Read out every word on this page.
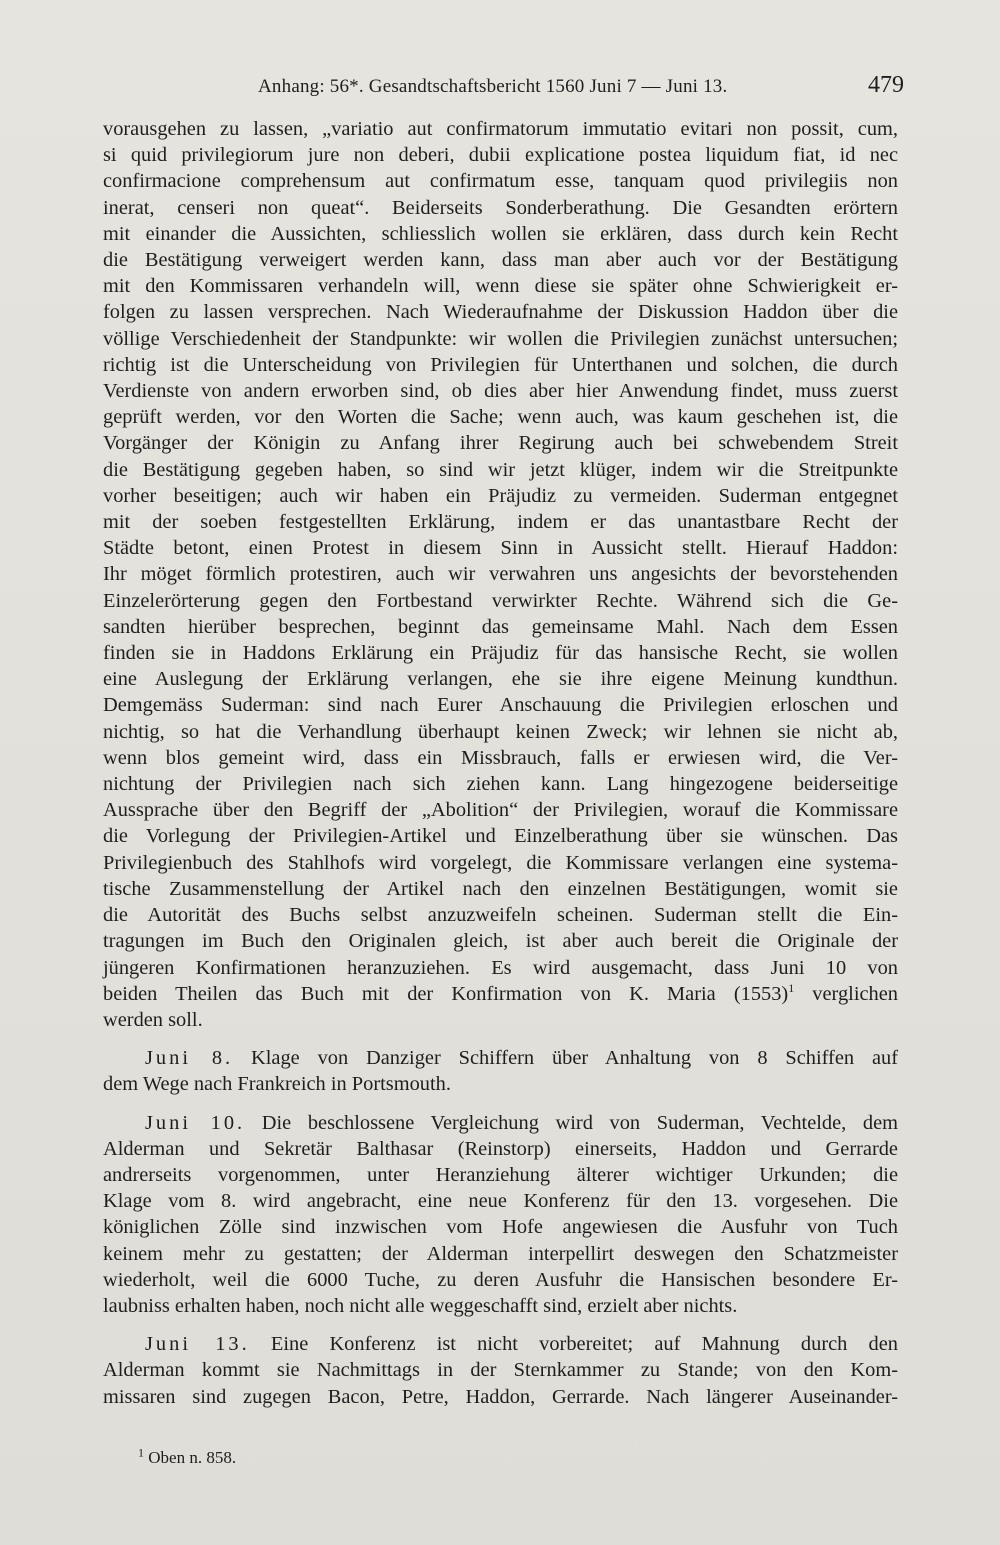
Anhang: 56*. Gesandtschaftsbericht 1560 Juni 7 — Juni 13.	479

vorausgehen zu lassen, „variatio aut confirmatorum immutatio evitari non possit, cum,

si quid privilegiorum jure non deberi, dubii explicatione postea liquidum fiat, id nec

confirmacione comprehensum aut confirmatum esse, tanquam quod privilegiis non

inerat, censeri non queat“. Beiderseits Sonderberathung. Die Gesandten erörtern

mit einander die Aussichten, schliesslich wollen sie erklären, dass durch kein Recht

die Bestätigung verweigert werden kann, dass man aber auch vor der Bestätigung

mit den Kommissaren verhandeln will, wenn diese sie später ohne Schwierigkeit er-

folgen zu lassen versprechen. Nach Wiederaufnahme der Diskussion Haddon über die

völlige Verschiedenheit der Standpunkte: wir wollen die Privilegien zunächst untersuchen;

richtig ist die Unterscheidung von Privilegien für Unterthanen und solchen, die durch

Verdienste von andern erworben sind, ob dies aber hier Anwendung findet, muss zuerst

geprüft werden, vor den Worten die Sache; wenn auch, was kaum geschehen ist, die

Vorgänger der Königin zu Anfang ihrer Regirung auch bei schwebendem Streit

die Bestätigung gegeben haben, so sind wir jetzt klüger, indem wir die Streitpunkte

vorher beseitigen; auch wir haben ein Präjudiz zu vermeiden. Suderman entgegnet

mit der soeben festgestellten Erklärung, indem er das unantastbare Recht der

Städte betont, einen Protest in diesem Sinn in Aussicht stellt. Hierauf Haddon:

Ihr möget förmlich protestiren, auch wir verwahren uns angesichts der bevorstehenden

Einzelerörterung gegen den Fortbestand verwirkter Rechte. Während sich die Ge-

sandten hierüber besprechen, beginnt das gemeinsame Mahl. Nach dem Essen

finden sie in Haddons Erklärung ein Präjudiz für das hansische Recht, sie wollen

eine Auslegung der Erklärung verlangen, ehe sie ihre eigene Meinung kundthun.

Demgemäss Suderman: sind nach Eurer Anschauung die Privilegien erloschen und

nichtig, so hat die Verhandlung überhaupt keinen Zweck; wir lehnen sie nicht ab,

wenn blos gemeint wird, dass ein Missbrauch, falls er erwiesen wird, die Ver-

nichtung der Privilegien nach sich ziehen kann. Lang hingezogene beiderseitige

Aussprache über den Begriff der „Abolition“ der Privilegien, worauf die Kommissare

die Vorlegung der Privilegien-Artikel und Einzelberathung über sie wünschen. Das

Privilegienbuch des Stahlhofs wird vorgelegt, die Kommissare verlangen eine systema-

tische Zusammenstellung der Artikel nach den einzelnen Bestätigungen, womit sie

die Autorität des Buchs selbst anzuzweifeln scheinen. Suderman stellt die Ein-

tragungen im Buch den Originalen gleich, ist aber auch bereit die Originale der

jüngeren Konfirmationen heranzuziehen. Es wird ausgemacht, dass Juni 10 von

beiden Theilen das Buch mit der Konfirmation von K. Maria $(1553)^1$ verglichen

werden soll.

Juni 8. Klage von Danziger Schiffern über Anhaltung von 8 Schiffen auf

dem Wege nach Frankreich in Portsmouth.

Juni 10. Die beschlossene Vergleichung wird von Suderman, Vechtelde, dem

Alderman und Sekretär Balthasar (Reinstorp) einerseits, Haddon und Gerrarde

andrerseits vorgenommen, unter Heranziehung älterer wichtiger Urkunden; die

Klage vom 8. wird angebracht, eine neue Konferenz für den 13. vorgesehen. Die

königlichen Zölle sind inzwischen vom Hofe angewiesen die Ausfuhr von Tuch

keinem mehr zu gestatten; der Alderman interpellirt deswegen den Schatzmeister

wiederholt, weil die 6000 Tuche, zu deren Ausfuhr die Hansischen besondere Er-

laubniss erhalten haben, noch nicht alle weggeschafft sind, erzielt aber nichts.

Juni 13. Eine Konferenz ist nicht vorbereitet; auf Mahnung durch den

Alderman kommt sie Nachmittags in der Sternkammer zu Stande; von den Kom-

missaren sind zugegen Bacon, Petre, Haddon, Gerrarde. Nach längerer Auseinander-

$^1$ Oben n. 858.
